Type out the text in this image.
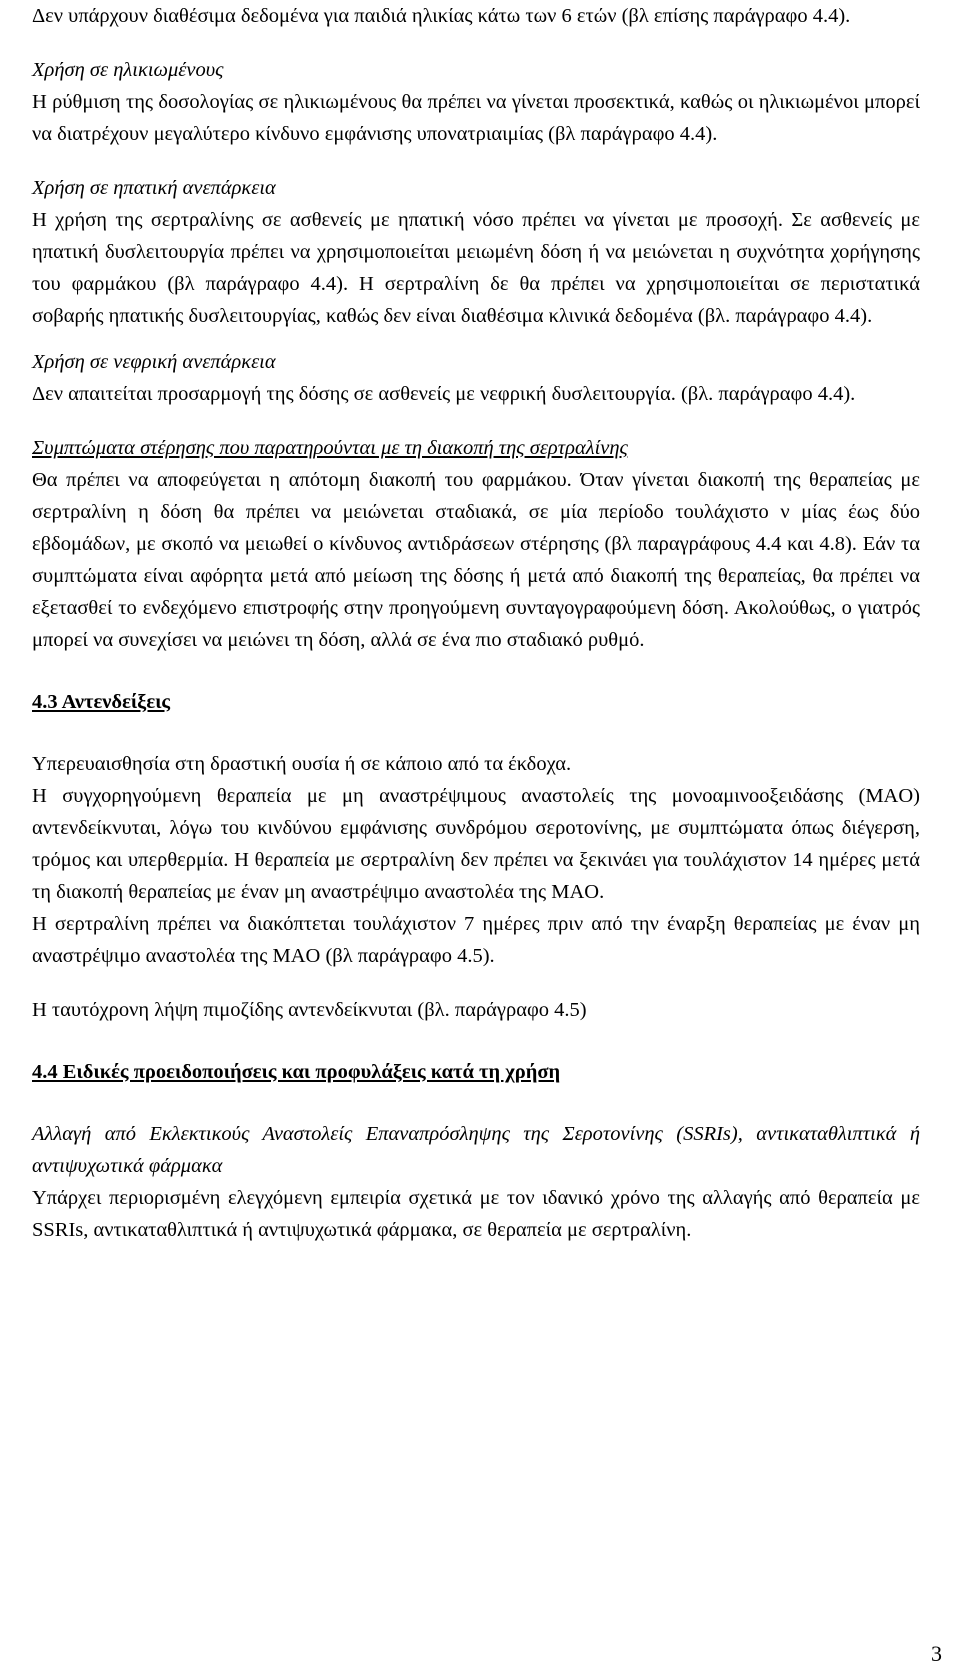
Δεν υπάρχουν διαθέσιμα δεδομένα για παιδιά ηλικίας κάτω των 6 ετών (βλ επίσης παράγραφο 4.4).

Χρήση σε ηλικιωμένους

Η ρύθμιση της δοσολογίας σε ηλικιωμένους θα πρέπει να γίνεται προσεκτικά, καθώς οι ηλικιωμένοι μπορεί να διατρέχουν μεγαλύτερο κίνδυνο εμφάνισης υπονατριαιμίας (βλ παράγραφο 4.4).

Χρήση σε ηπατική ανεπάρκεια

Η χρήση της σερτραλίνης σε ασθενείς με ηπατική νόσο πρέπει να γίνεται με προσοχή. Σε ασθενείς με ηπατική δυσλειτουργία πρέπει να χρησιμοποιείται μειωμένη δόση ή να μειώνεται η συχνότητα χορήγησης του φαρμάκου (βλ παράγραφο 4.4). Η σερτραλίνη δε θα πρέπει να χρησιμοποιείται σε περιστατικά σοβαρής ηπατικής δυσλειτουργίας, καθώς δεν είναι διαθέσιμα κλινικά δεδομένα (βλ. παράγραφο 4.4).

Χρήση σε νεφρική ανεπάρκεια

Δεν απαιτείται προσαρμογή της δόσης σε ασθενείς με νεφρική δυσλειτουργία. (βλ. παράγραφο 4.4).

Συμπτώματα στέρησης που παρατηρούνται με τη διακοπή της σερτραλίνης

Θα πρέπει να αποφεύγεται η απότομη διακοπή του φαρμάκου. Όταν γίνεται διακοπή της θεραπείας με σερτραλίνη η δόση θα πρέπει να μειώνεται σταδιακά, σε μία περίοδο τουλάχιστο ν μίας έως δύο εβδομάδων, με σκοπό να μειωθεί ο κίνδυνος αντιδράσεων στέρησης (βλ παραγράφους 4.4 και 4.8). Εάν τα συμπτώματα είναι αφόρητα μετά από μείωση της δόσης ή μετά από διακοπή της θεραπείας, θα πρέπει να εξετασθεί το ενδεχόμενο επιστροφής στην προηγούμενη συνταγογραφούμενη δόση. Ακολούθως, ο γιατρός μπορεί να συνεχίσει να μειώνει τη δόση, αλλά σε ένα πιο σταδιακό ρυθμό.

4.3 Αντενδείξεις

Υπερευαισθησία στη δραστική ουσία ή σε κάποιο από τα έκδοχα.

Η συγχορηγούμενη θεραπεία με μη αναστρέψιμους αναστολείς της μονοαμινοοξειδάσης (MAO) αντενδείκνυται, λόγω του κινδύνου εμφάνισης συνδρόμου σεροτονίνης, με συμπτώματα όπως διέγερση, τρόμος και υπερθερμία. Η θεραπεία με σερτραλίνη δεν πρέπει να ξεκινάει για τουλάχιστον 14 ημέρες μετά τη διακοπή θεραπείας με έναν μη αναστρέψιμο αναστολέα της MAO.

Η σερτραλίνη πρέπει να διακόπτεται τουλάχιστον 7 ημέρες πριν από την έναρξη θεραπείας με έναν μη αναστρέψιμο αναστολέα της MAO (βλ παράγραφο 4.5).

Η ταυτόχρονη λήψη πιμοζίδης αντενδείκνυται (βλ. παράγραφο 4.5)

4.4 Ειδικές προειδοποιήσεις και προφυλάξεις κατά τη χρήση
Αλλαγή από Εκλεκτικούς Αναστολείς Επαναπρόσληψης της Σεροτονίνης (SSRIs), αντικαταθλιπτικά ή αντιψυχωτικά φάρμακα

Υπάρχει περιορισμένη ελεγχόμενη εμπειρία σχετικά με τον ιδανικό χρόνο της αλλαγής από θεραπεία με SSRIs, αντικαταθλιπτικά ή αντιψυχωτικά φάρμακα, σε θεραπεία με σερτραλίνη.

3
